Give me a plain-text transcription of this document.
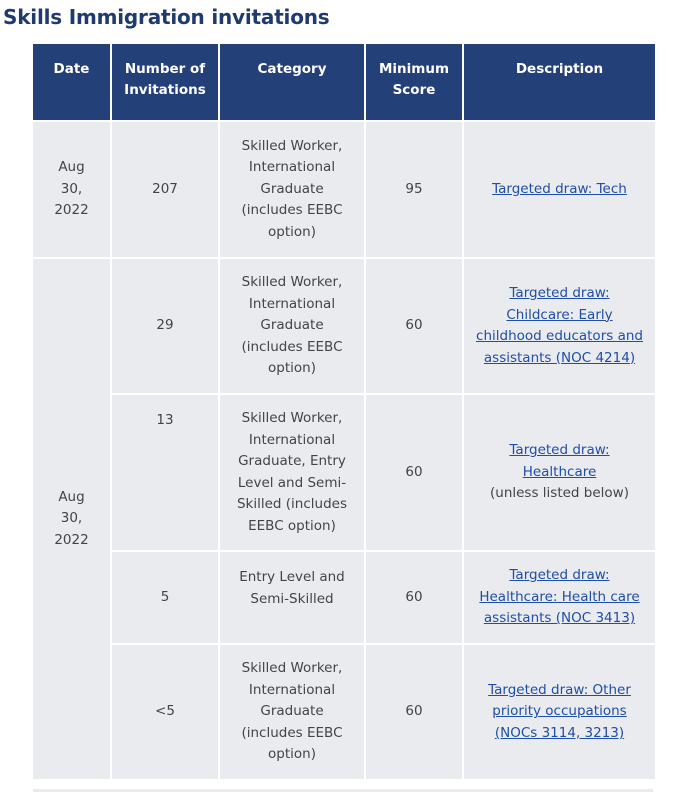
Skills Immigration invitations
Date	Number of Invitations	Category	Minimum Score	Description

Aug 30, 2022	207	Skilled Worker, International Graduate (includes EEBC option)	95	Targeted draw: Tech

Aug 30, 2022	29	Skilled Worker, International Graduate (includes EEBC option)	60	Targeted draw: Childcare: Early childhood educators and assistants (NOC 4214)
	13	Skilled Worker, International Graduate, Entry Level and Semi-Skilled (includes EEBC option)	60	Targeted draw: Healthcare
(unless listed below)
	5	Entry Level and Semi-Skilled	60	Targeted draw: Healthcare: Health care assistants (NOC 3413)
	<5	Skilled Worker, International Graduate (includes EEBC option)	60	Targeted draw: Other priority occupations (NOCs 3114, 3213)
